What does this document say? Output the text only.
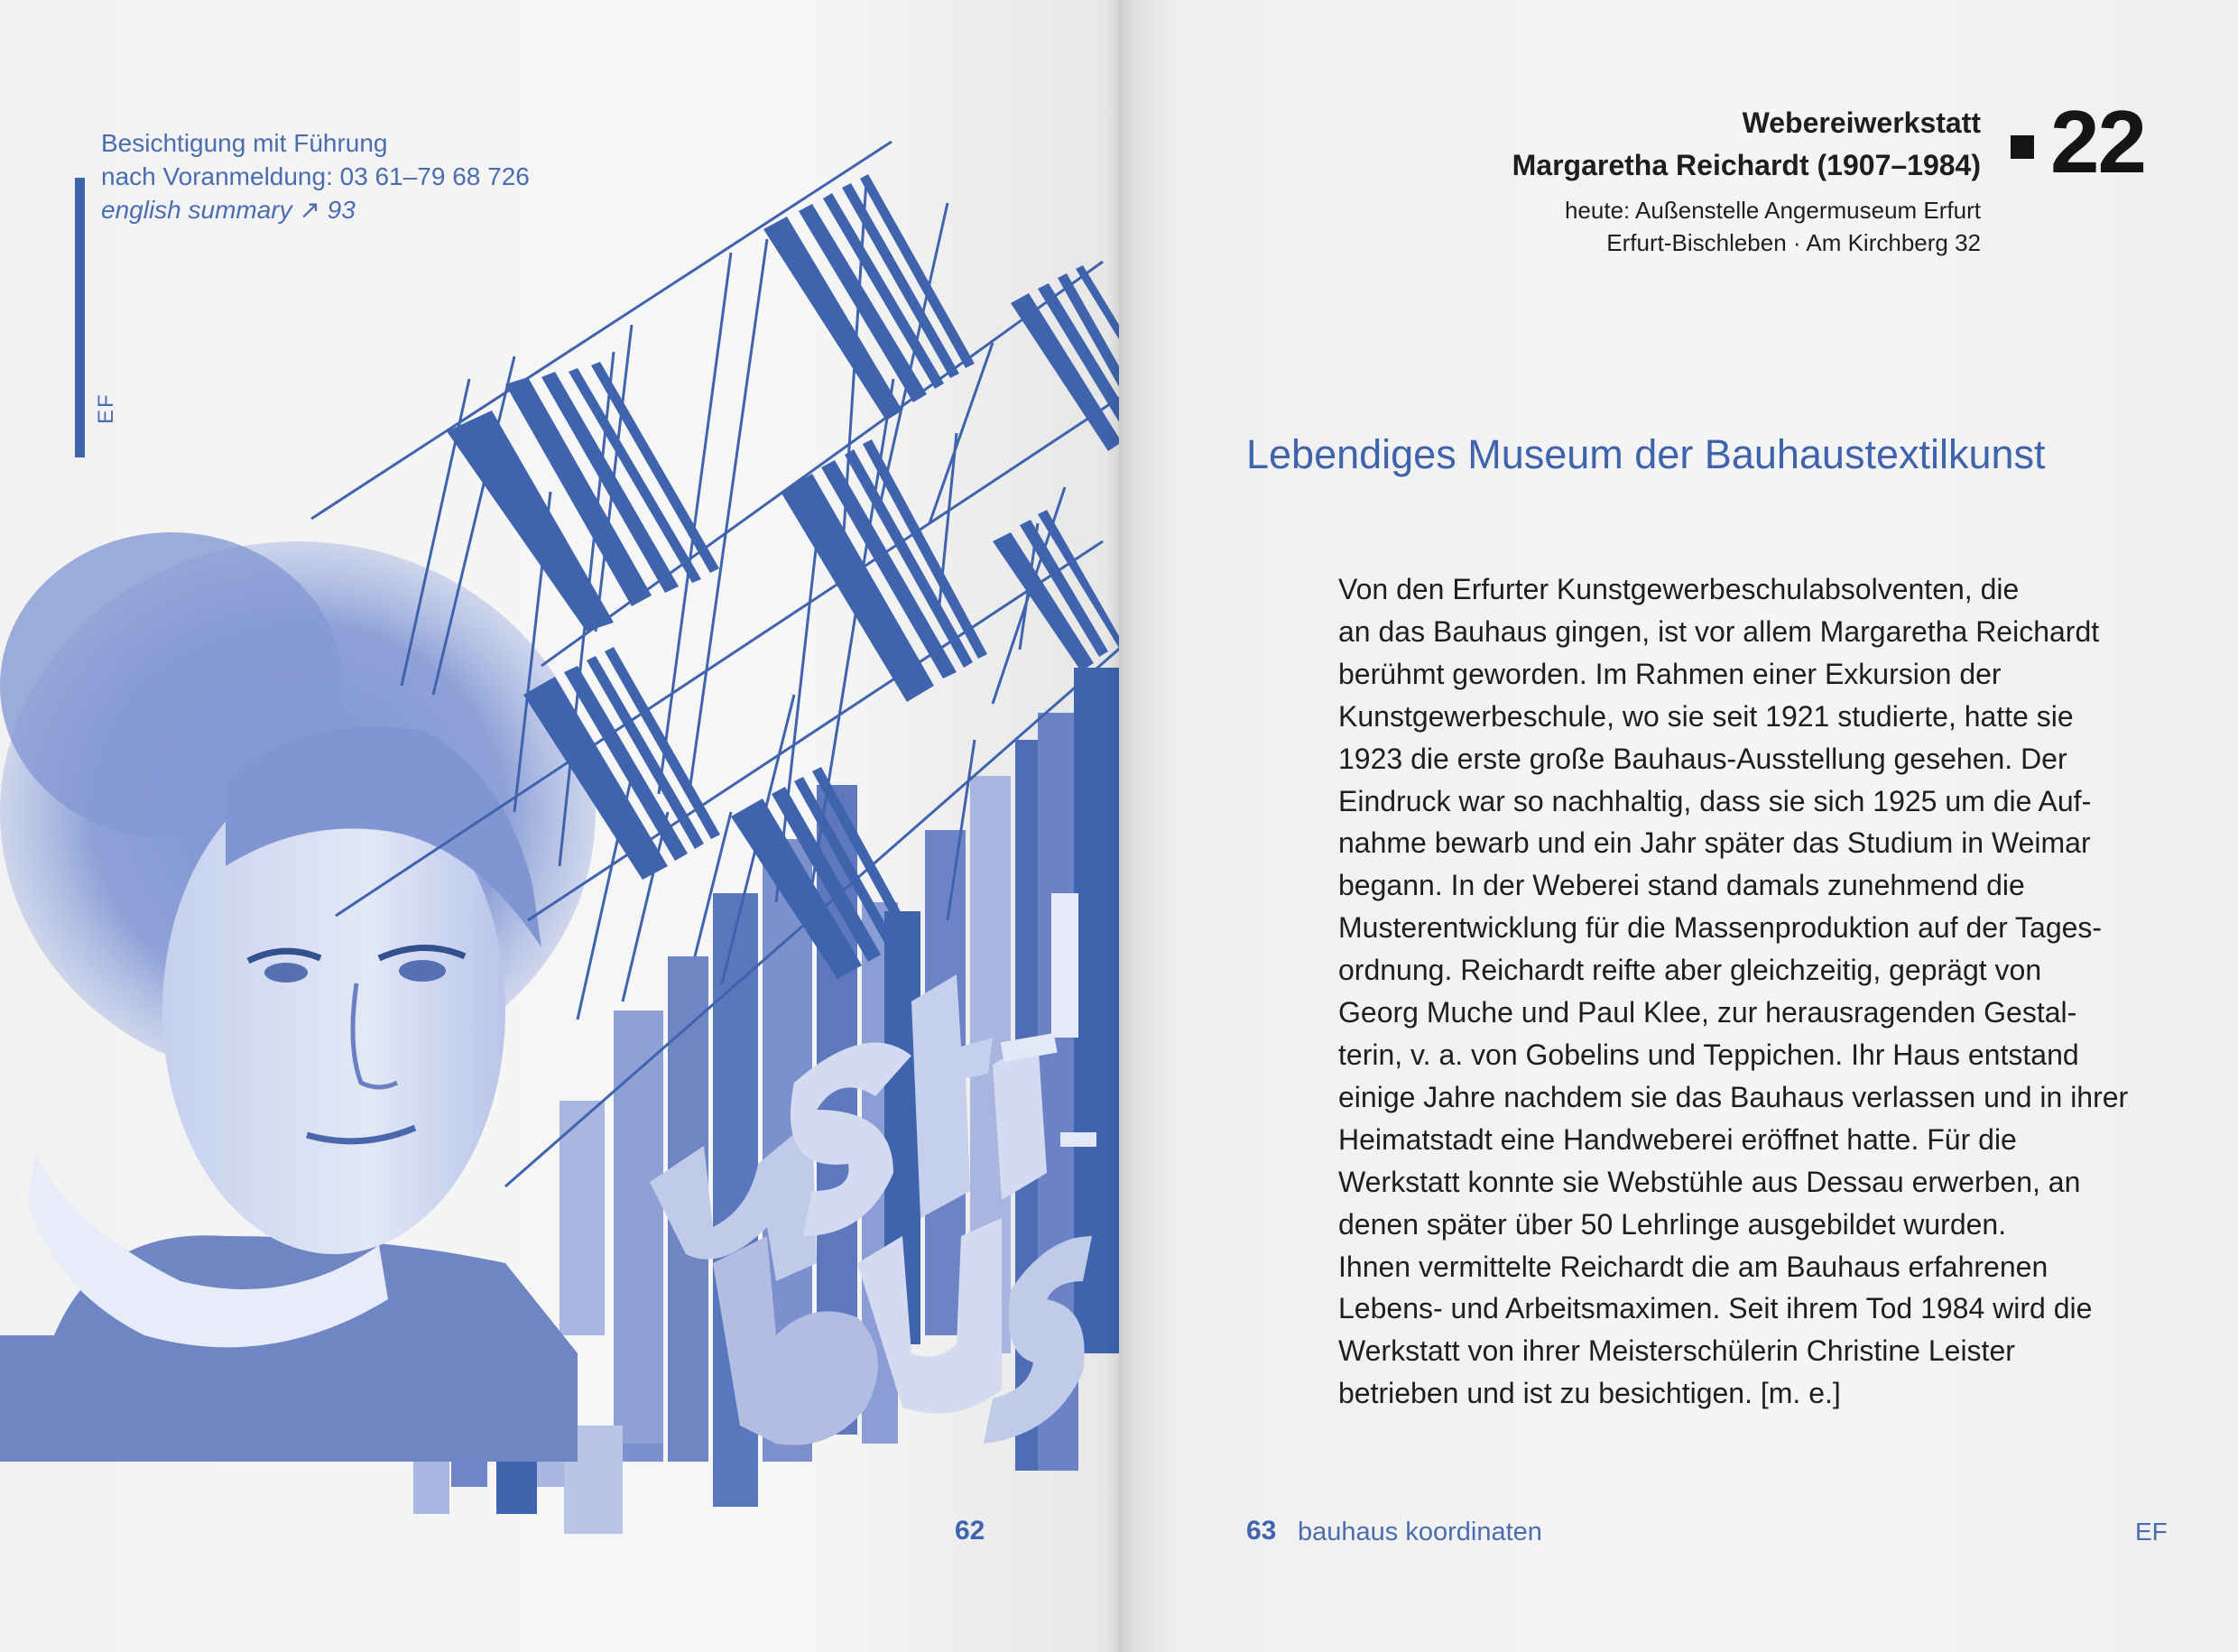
EF
Besichtigung mit Führung
nach Voranmeldung: 03 61–79 68 726
english summary ↗ 93
62
Webereiwerkstatt
Margaretha Reichardt (1907–1984)
heute: Außenstelle Angermuseum Erfurt
Erfurt-Bischleben · Am Kirchberg 32
22
Lebendiges Museum der Bauhaustextilkunst

Von den Erfurter Kunstgewerbeschulabsolventen, die
an das Bauhaus gingen, ist vor allem Margaretha Reichardt
berühmt geworden. Im Rahmen einer Exkursion der
Kunstgewerbeschule, wo sie seit 1921 studierte, hatte sie
1923 die erste große Bauhaus-Ausstellung gesehen. Der
Eindruck war so nachhaltig, dass sie sich 1925 um die Auf-
nahme bewarb und ein Jahr später das Studium in Weimar
begann. In der Weberei stand damals zunehmend die
Musterentwicklung für die Massenproduktion auf der Tages-
ordnung. Reichardt reifte aber gleichzeitig, geprägt von
Georg Muche und Paul Klee, zur herausragenden Gestal-
terin, v. a. von Gobelins und Teppichen. Ihr Haus entstand
einige Jahre nachdem sie das Bauhaus verlassen und in ihrer
Heimatstadt eine Handweberei eröffnet hatte. Für die
Werkstatt konnte sie Webstühle aus Dessau erwerben, an
denen später über 50 Lehrlinge ausgebildet wurden.
Ihnen vermittelte Reichardt die am Bauhaus erfahrenen
Lebens- und Arbeitsmaximen. Seit ihrem Tod 1984 wird die
Werkstatt von ihrer Meisterschülerin Christine Leister
betrieben und ist zu besichtigen. [m. e.]

63 bauhaus koordinaten	EF
